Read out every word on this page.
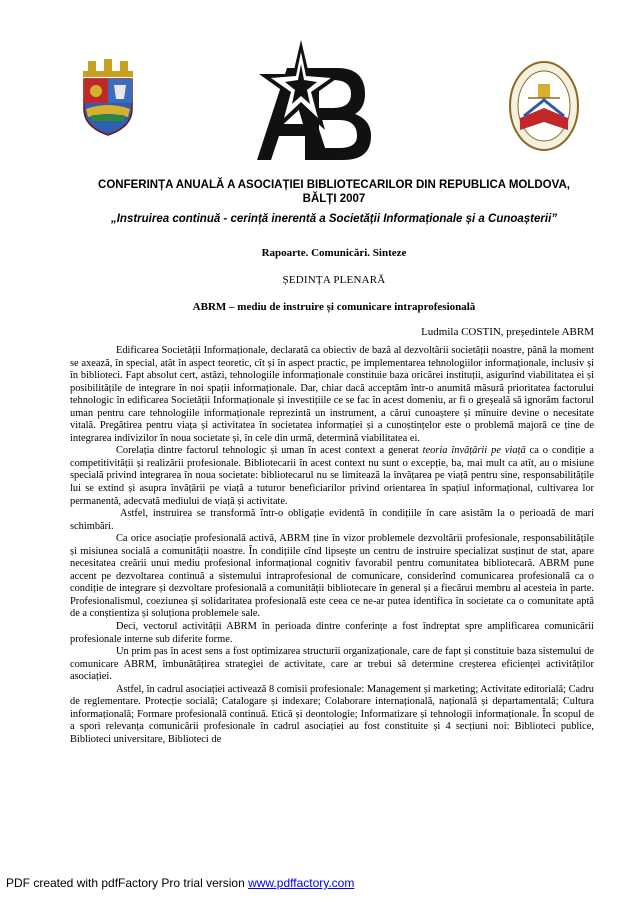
CONFERINȚA ANUALĂ A ASOCIAȚIEI BIBLIOTECARILOR DIN REPUBLICA MOLDOVA,
BĂLȚI 2007
„Instruirea continuă - cerință inerentă a Societății Informaționale și a Cunoașterii”
Rapoarte. Comunicări. Sinteze
ȘEDINȚA PLENARĂ
ABRM – mediu de instruire și comunicare intraprofesională
Ludmila COSTIN, președintele ABRM

Edificarea Societății Informaționale, declarată ca obiectiv de bază al dezvoltării societății noastre, până la moment se axează, în special, atât în aspect teoretic, cît și în aspect practic, pe implementarea tehnologiilor informaționale, inclusiv și în biblioteci. Fapt absolut cert, astăzi, tehnologiile informaționale constituie baza oricărei instituții, asigurînd viabilitatea ei și posibilitățile de integrare în noi spații informaționale. Dar, chiar dacă acceptăm într-o anumită măsură prioritatea factorului tehnologic în edificarea Societății Informaționale și investițiile ce se fac în acest domeniu, ar fi o greșeală să ignorăm factorul uman pentru care tehnologiile informaționale reprezintă un instrument, a cărui cunoaștere și mînuire devine o necesitate vitală. Pregătirea pentru viața și activitatea în societatea informației și a cunoștințelor este o problemă majoră ce ține de integrarea indivizilor în noua societate și, în cele din urmă, determină viabilitatea ei.

Corelația dintre factorul tehnologic și uman în acest context a generat teoria învățării pe viață ca o condiție a competitivității și realizării profesionale. Bibliotecarii în acest context nu sunt o excepție, ba, mai mult ca atît, au o misiune specială privind integrarea în noua societate: bibliotecarul nu se limitează la învățarea pe viață pentru sine, responsabilitățile lui se extind și asupra învățării pe viață a tuturor beneficiarilor privind orientarea în spațiul informațional, cultivarea lor permanentă, adecvată mediului de viață și activitate.

Astfel, instruirea se transformă într-o obligație evidentă în condițiile în care asistăm la o perioadă de mari schimbări.

Ca orice asociație profesională activă, ABRM ține în vizor problemele dezvoltării profesionale, responsabilitățile și misiunea socială a comunității noastre. În condițiile cînd lipsește un centru de instruire specializat susținut de stat, apare necesitatea creării unui mediu profesional informațional cognitiv favorabil pentru comunitatea bibliotecară. ABRM pune accent pe dezvoltarea continuă a sistemului intraprofesional de comunicare, considerînd comunicarea profesională ca o condiție de integrare și dezvoltare profesională a comunității bibliotecare în general și a fiecărui membru al acesteia în parte. Profesionalismul, coeziunea și solidaritatea profesională este ceea ce ne-ar putea identifica în societate ca o comunitate aptă de a conștientiza și soluționa problemele sale.

Deci, vectorul activității ABRM în perioada dintre conferințe a fost îndreptat spre amplificarea comunicării profesionale interne sub diferite forme.

Un prim pas în acest sens a fost optimizarea structurii organizaționale, care de fapt și constituie baza sistemului de comunicare ABRM, îmbunătățirea strategiei de activitate, care ar trebui să determine creșterea eficienței activităților asociației.

Astfel, în cadrul asociației activează 8 comisii profesionale: Management și marketing; Activitate editorială; Cadru de reglementare. Protecție socială; Catalogare și indexare; Colaborare internațională, națională și departamentală; Cultura informațională; Formare profesională continuă. Etică și deontologie; Informatizare și tehnologii informaționale. În scopul de a spori relevanța comunicării profesionale în cadrul asociației au fost constituite și 4 secțiuni noi: Biblioteci publice, Biblioteci universitare, Biblioteci de

PDF created with pdfFactory Pro trial version www.pdffactory.com
